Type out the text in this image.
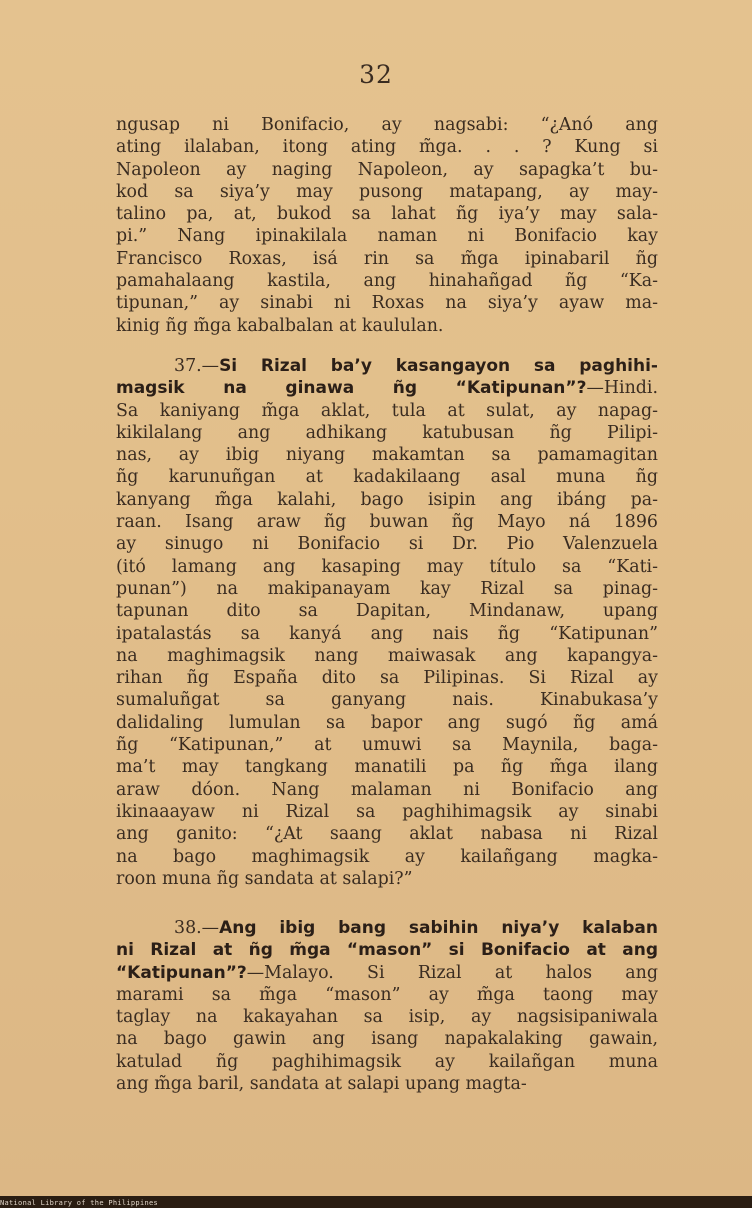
32
ngusap ni Bonifacio, ay nagsabi: “¿Anó ang
ating ilalaban, itong ating m̃ga. . . ? Kung si
Napoleon ay naging Napoleon, ay sapagka’t bu-
kod sa siya’y may pusong matapang, ay may-
talino pa, at, bukod sa lahat ñg iya’y may sala-
pi.” Nang ipinakilala naman ni Bonifacio kay
Francisco Roxas, isá rin sa m̃ga ipinabaril ñg
pamahalaang kastila, ang hinahañgad ñg “Ka-
tipunan,” ay sinabi ni Roxas na siya’y ayaw ma-
kinig ñg m̃ga kabalbalan at kaululan.
37.—Si Rizal ba’y kasangayon sa paghihi-
magsik na ginawa ñg “Katipunan”?—Hindi.
Sa kaniyang m̃ga aklat, tula at sulat, ay napag-
kikilalang ang adhikang katubusan ñg Pilipi-
nas, ay ibig niyang makamtan sa pamamagitan
ñg karunuñgan at kadakilaang asal muna ñg
kanyang m̃ga kalahi, bago isipin ang ibáng pa-
raan. Isang araw ñg buwan ñg Mayo ná 1896
ay sinugo ni Bonifacio si Dr. Pio Valenzuela
(itó lamang ang kasaping may título sa “Kati-
punan”) na makipanayam kay Rizal sa pinag-
tapunan dito sa Dapitan, Mindanaw, upang
ipatalastás sa kanyá ang nais ñg “Katipunan”
na maghimagsik nang maiwasak ang kapangya-
rihan ñg España dito sa Pilipinas. Si Rizal ay
sumaluñgat sa ganyang nais. Kinabukasa’y
dalidaling lumulan sa bapor ang sugó ñg amá
ñg “Katipunan,” at umuwi sa Maynila, baga-
ma’t may tangkang manatili pa ñg m̃ga ilang
araw dóon. Nang malaman ni Bonifacio ang
ikinaaayaw ni Rizal sa paghihimagsik ay sinabi
ang ganito: “¿At saang aklat nabasa ni Rizal
na bago maghimagsik ay kailañgang magka-
roon muna ñg sandata at salapi?”
38.—Ang ibig bang sabihin niya’y kalaban
ni Rizal at ñg m̃ga “mason” si Bonifacio at ang
“Katipunan”?—Malayo. Si Rizal at halos ang
marami sa m̃ga “mason” ay m̃ga taong may
taglay na kakayahan sa isip, ay nagsisipaniwala
na bago gawin ang isang napakalaking gawain,
katulad ñg paghihimagsik ay kailañgan muna
ang m̃ga baril, sandata at salapi upang magta-
National Library of the Philippines
